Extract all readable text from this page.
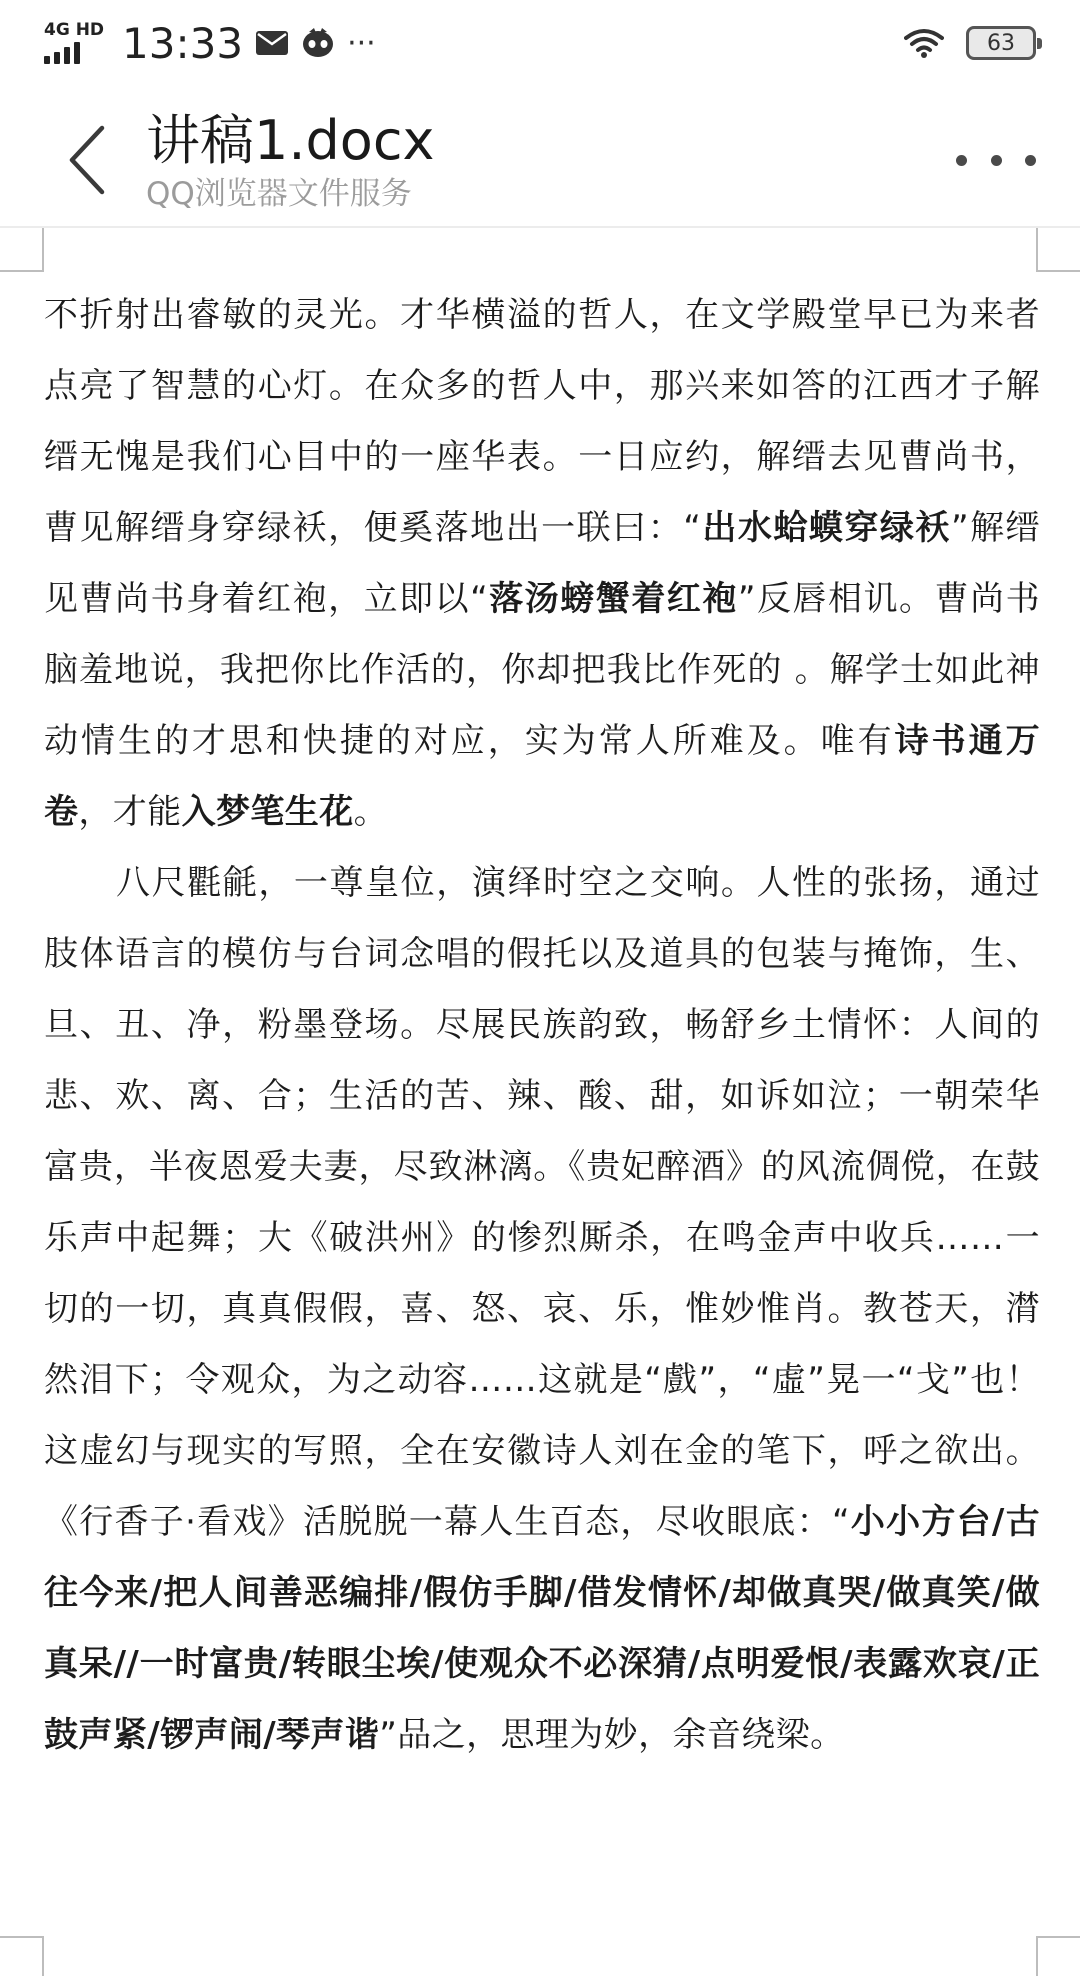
4G HD 13:33	···	63
讲稿1.docx
QQ浏览器文件服务

不折射出睿敏的灵光。才华横溢的哲人，在文学殿堂早已为来者点亮了智慧的心灯。在众多的哲人中，那兴来如答的江西才子解缙无愧是我们心目中的一座华表。一日应约，解缙去见曹尚书，曹见解缙身穿绿袄，便奚落地出一联曰：“出水蛤蟆穿绿袄”解缙见曹尚书身着红袍，立即以“落汤螃蟹着红袍”反唇相讥。曹尚书脑羞地说，我把你比作活的，你却把我比作死的 。解学士如此神动情生的才思和快捷的对应，实为常人所难及。唯有诗书通万卷，才能入梦笔生花。

八尺氍毹，一尊皇位，演绎时空之交响。人性的张扬，通过肢体语言的模仿与台词念唱的假托以及道具的包装与掩饰，生、旦、丑、净，粉墨登场。尽展民族韵致，畅舒乡土情怀：人间的悲、欢、离、合；生活的苦、辣、酸、甜，如诉如泣；一朝荣华富贵，半夜恩爱夫妻，尽致淋漓。《贵妃醉酒》的风流倜傥，在鼓乐声中起舞；大《破洪州》的惨烈厮杀，在鸣金声中收兵……一切的一切，真真假假，喜、怒、哀、乐，惟妙惟肖。教苍天，潸然泪下；令观众，为之动容……这就是“戲”，“虛”晃一“戈”也！这虚幻与现实的写照，全在安徽诗人刘在金的笔下，呼之欲出。《行香子·看戏》活脱脱一幕人生百态，尽收眼底：“小小方台/古往今来/把人间善恶编排/假仿手脚/借发情怀/却做真哭/做真笑/做真呆//一时富贵/转眼尘埃/使观众不必深猜/点明爱恨/表露欢哀/正鼓声紧/锣声闹/琴声谐”品之，思理为妙，余音绕梁。
